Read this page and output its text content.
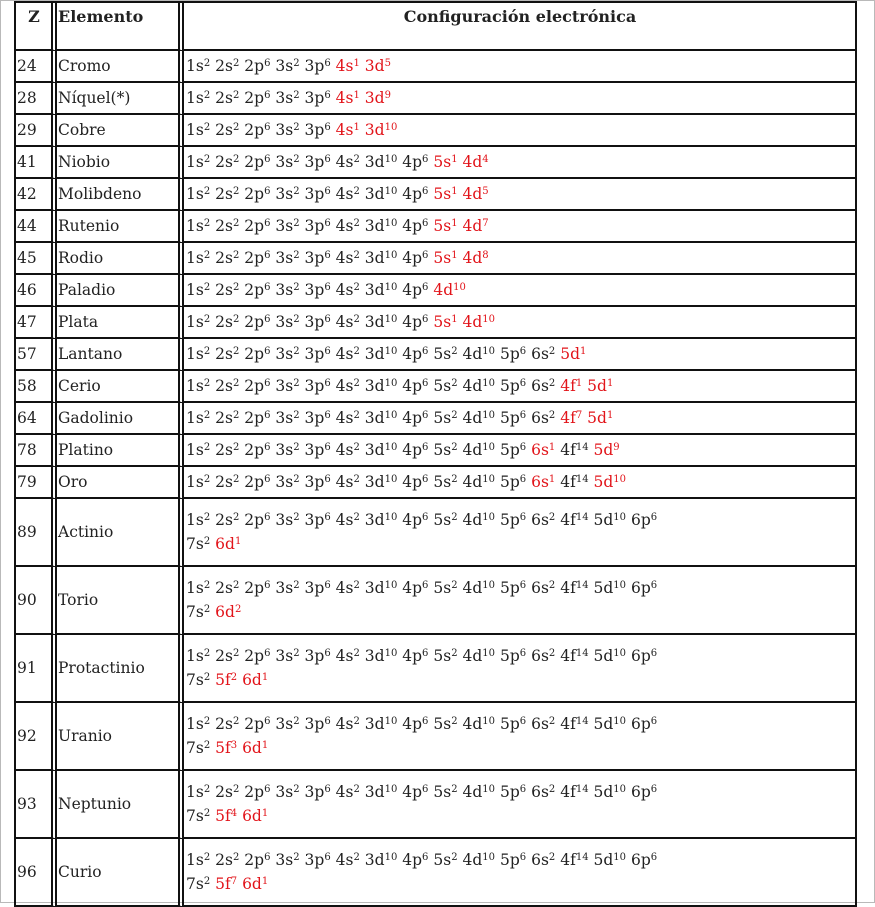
Z	Elemento	Configuración electrónica
24	Cromo	$1s^2$ $2s^2$ $2p^6$ $3s^2$ $3p^6$ $4s^1$ $3d^5$

28	Níquel(*)	$1s^2$ $2s^2$ $2p^6$ $3s^2$ $3p^6$ $4s^1$ $3d^9$

29	Cobre	$1s^2$ $2s^2$ $2p^6$ $3s^2$ $3p^6$ $4s^1$ $3d^{10}$

41	Niobio	$1s^2$ $2s^2$ $2p^6$ $3s^2$ $3p^6$ $4s^2$ $3d^{10}$ $4p^6$ $5s^1$ $4d^4$

42	Molibdeno	$1s^2$ $2s^2$ $2p^6$ $3s^2$ $3p^6$ $4s^2$ $3d^{10}$ $4p^6$ $5s^1$ $4d^5$

44	Rutenio	$1s^2$ $2s^2$ $2p^6$ $3s^2$ $3p^6$ $4s^2$ $3d^{10}$ $4p^6$ $5s^1$ $4d^7$

45	Rodio	$1s^2$ $2s^2$ $2p^6$ $3s^2$ $3p^6$ $4s^2$ $3d^{10}$ $4p^6$ $5s^1$ $4d^8$

46	Paladio	$1s^2$ $2s^2$ $2p^6$ $3s^2$ $3p^6$ $4s^2$ $3d^{10}$ $4p^6$ $4d^{10}$

47	Plata	$1s^2$ $2s^2$ $2p^6$ $3s^2$ $3p^6$ $4s^2$ $3d^{10}$ $4p^6$ $5s^1$ $4d^{10}$

57	Lantano	$1s^2$ $2s^2$ $2p^6$ $3s^2$ $3p^6$ $4s^2$ $3d^{10}$ $4p^6$ $5s^2$ $4d^{10}$ $5p^6$ $6s^2$ $5d^1$

58	Cerio	$1s^2$ $2s^2$ $2p^6$ $3s^2$ $3p^6$ $4s^2$ $3d^{10}$ $4p^6$ $5s^2$ $4d^{10}$ $5p^6$ $6s^2$ $4f^1$ $5d^1$

64	Gadolinio	$1s^2$ $2s^2$ $2p^6$ $3s^2$ $3p^6$ $4s^2$ $3d^{10}$ $4p^6$ $5s^2$ $4d^{10}$ $5p^6$ $6s^2$ $4f^7$ $5d^1$

78	Platino	$1s^2$ $2s^2$ $2p^6$ $3s^2$ $3p^6$ $4s^2$ $3d^{10}$ $4p^6$ $5s^2$ $4d^{10}$ $5p^6$ $6s^1$ $4f^{14}$ $5d^9$

79	Oro	$1s^2$ $2s^2$ $2p^6$ $3s^2$ $3p^6$ $4s^2$ $3d^{10}$ $4p^6$ $5s^2$ $4d^{10}$ $5p^6$ $6s^1$ $4f^{14}$ $5d^{10}$

89	Actinio	$1s^2$ $2s^2$ $2p^6$ $3s^2$ $3p^6$ $4s^2$ $3d^{10}$ $4p^6$ $5s^2$ $4d^{10}$ $5p^6$ $6s^2$ $4f^{14}$ $5d^{10}$ $6p^6$
$7s^2$ $6d^1$

90	Torio	$1s^2$ $2s^2$ $2p^6$ $3s^2$ $3p^6$ $4s^2$ $3d^{10}$ $4p^6$ $5s^2$ $4d^{10}$ $5p^6$ $6s^2$ $4f^{14}$ $5d^{10}$ $6p^6$
$7s^2$ $6d^2$

91	Protactinio	$1s^2$ $2s^2$ $2p^6$ $3s^2$ $3p^6$ $4s^2$ $3d^{10}$ $4p^6$ $5s^2$ $4d^{10}$ $5p^6$ $6s^2$ $4f^{14}$ $5d^{10}$ $6p^6$
$7s^2$ $5f^2$ $6d^1$

92	Uranio	$1s^2$ $2s^2$ $2p^6$ $3s^2$ $3p^6$ $4s^2$ $3d^{10}$ $4p^6$ $5s^2$ $4d^{10}$ $5p^6$ $6s^2$ $4f^{14}$ $5d^{10}$ $6p^6$
$7s^2$ $5f^3$ $6d^1$

93	Neptunio	$1s^2$ $2s^2$ $2p^6$ $3s^2$ $3p^6$ $4s^2$ $3d^{10}$ $4p^6$ $5s^2$ $4d^{10}$ $5p^6$ $6s^2$ $4f^{14}$ $5d^{10}$ $6p^6$
$7s^2$ $5f^4$ $6d^1$

96	Curio	$1s^2$ $2s^2$ $2p^6$ $3s^2$ $3p^6$ $4s^2$ $3d^{10}$ $4p^6$ $5s^2$ $4d^{10}$ $5p^6$ $6s^2$ $4f^{14}$ $5d^{10}$ $6p^6$
$7s^2$ $5f^7$ $6d^1$
